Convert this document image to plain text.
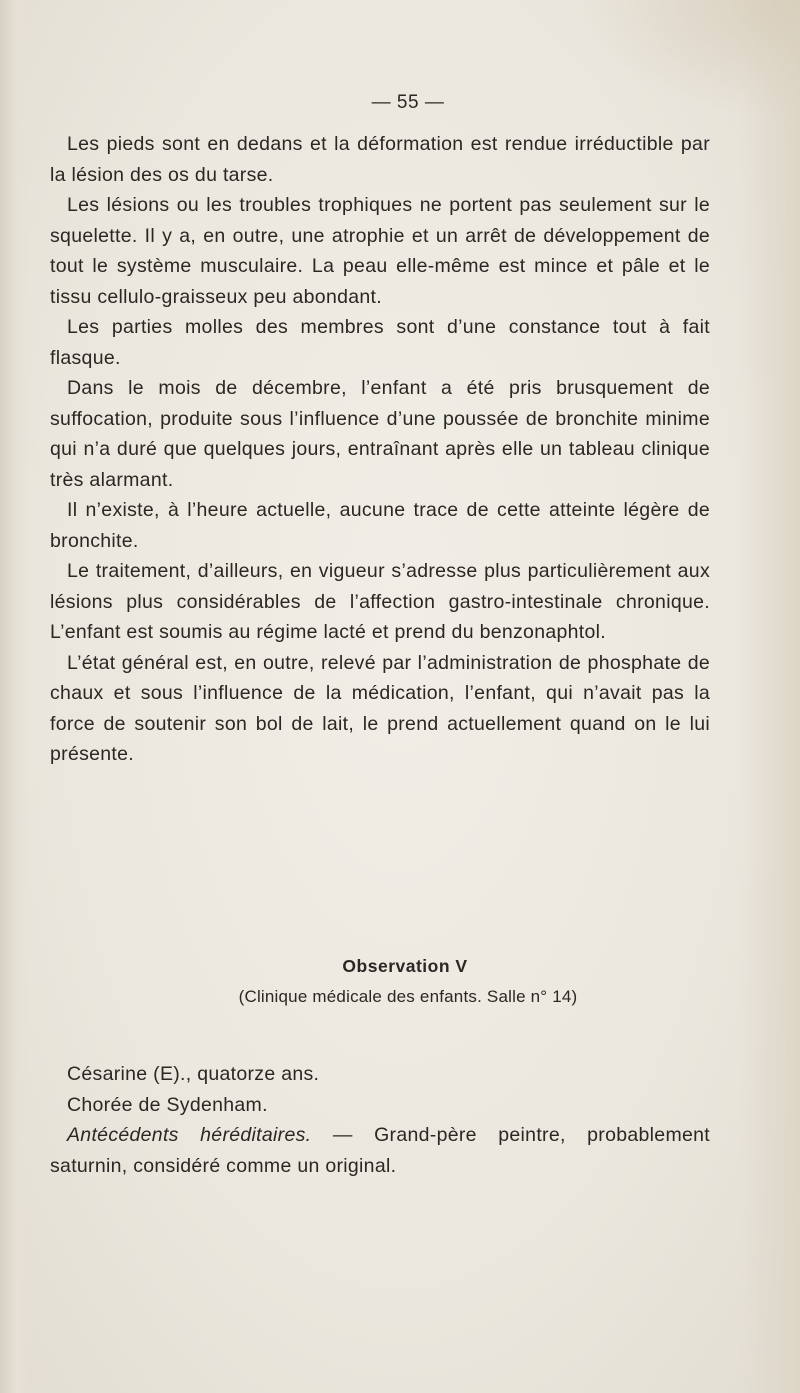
— 55 —

Les pieds sont en dedans et la déformation est rendue irréductible par la lésion des os du tarse.

Les lésions ou les troubles trophiques ne portent pas seulement sur le squelette. Il y a, en outre, une atrophie et un arrêt de développement de tout le système musculaire. La peau elle-même est mince et pâle et le tissu cellulo-graisseux peu abondant.

Les parties molles des membres sont d’une constance tout à fait flasque.

Dans le mois de décembre, l’enfant a été pris brusquement de suffocation, produite sous l’influence d’une poussée de bronchite minime qui n’a duré que quelques jours, entraînant après elle un tableau clinique très alarmant.

Il n’existe, à l’heure actuelle, aucune trace de cette atteinte légère de bronchite.

Le traitement, d’ailleurs, en vigueur s’adresse plus particulièrement aux lésions plus considérables de l’affection gastro-intestinale chronique. L’enfant est soumis au régime lacté et prend du benzonaphtol.

L’état général est, en outre, relevé par l’administration de phosphate de chaux et sous l’influence de la médication, l’enfant, qui n’avait pas la force de soutenir son bol de lait, le prend actuellement quand on le lui présente.

Observation V
(Clinique médicale des enfants. Salle n° 14)

Césarine (E)., quatorze ans.

Chorée de Sydenham.

Antécédents héréditaires. — Grand-père peintre, probablement saturnin, considéré comme un original.
